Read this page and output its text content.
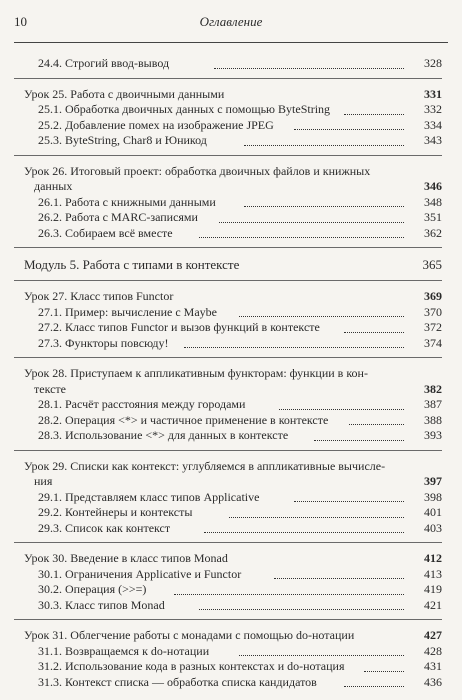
10	Оглавление
24.4. Строгий ввод-вывод	328
Урок 25. Работа с двоичными данными	331
25.1. Обработка двоичных данных с помощью ByteString	332
25.2. Добавление помех на изображение JPEG	334
25.3. ByteString, Char8 и Юникод	343
Урок 26. Итоговый проект: обработка двоичных файлов и книжных
данных	346
26.1. Работа с книжными данными	348
26.2. Работа с MARC-записями	351
26.3. Собираем всё вместе	362
Модуль 5. Работа с типами в контексте	365
Урок 27. Класс типов Functor	369
27.1. Пример: вычисление с Maybe	370
27.2. Класс типов Functor и вызов функций в контексте	372
27.3. Функторы повсюду!	374
Урок 28. Приступаем к аппликативным функторам: функции в кон-
тексте	382
28.1. Расчёт расстояния между городами	387
28.2. Операция <*> и частичное применение в контексте	388
28.3. Использование <*> для данных в контексте	393
Урок 29. Списки как контекст: углубляемся в аппликативные вычисле-
ния	397
29.1. Представляем класс типов Applicative	398
29.2. Контейнеры и контексты	401
29.3. Список как контекст	403
Урок 30. Введение в класс типов Monad	412
30.1. Ограничения Applicative и Functor	413
30.2. Операция (>>=)	419
30.3. Класс типов Monad	421
Урок 31. Облегчение работы с монадами с помощью do-нотации	427
31.1. Возвращаемся к do-нотации	428
31.2. Использование кода в разных контекстах и do-нотация	431
31.3. Контекст списка — обработка списка кандидатов	436
